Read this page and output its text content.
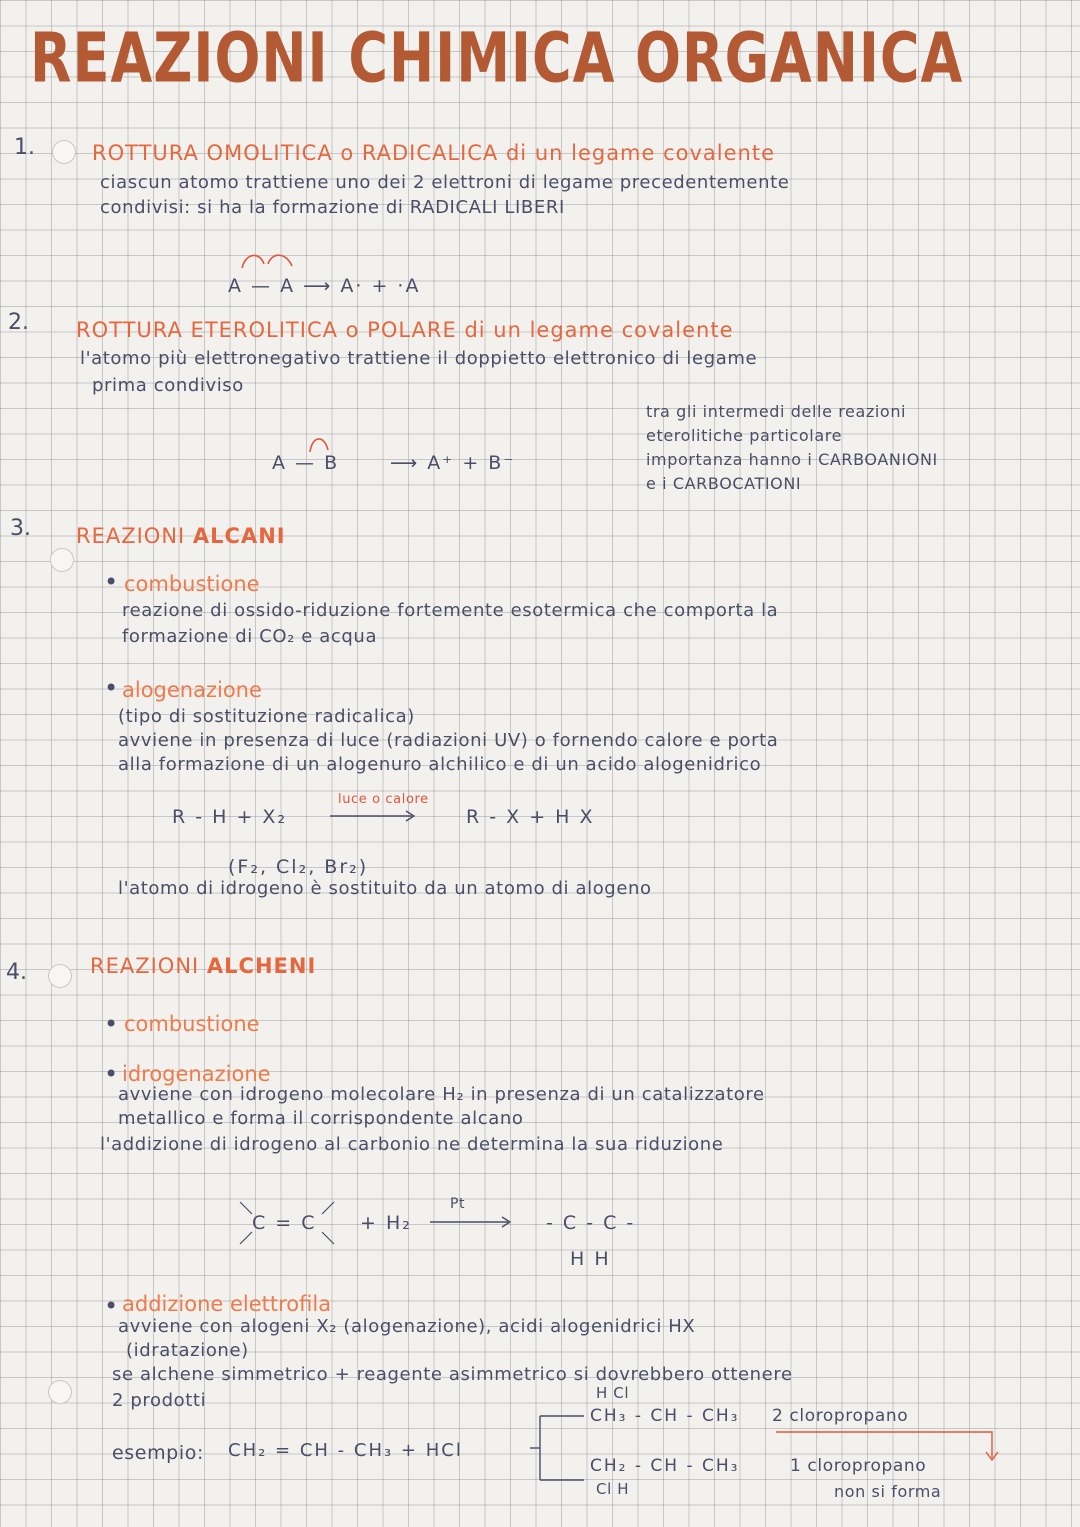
REAZIONI CHIMICA ORGANICA
1.	ROTTURA OMOLITICA o RADICALICA di un legame covalente
ciascun atomo trattiene uno dei 2 elettroni di legame precedentemente
condivisi: si ha la formazione di RADICALI LIBERI
A — A ⟶ A· + ·A
2. ROTTURA ETEROLITICA o POLARE di un legame covalente
l'atomo più elettronegativo trattiene il doppietto elettronico di legame
prima condiviso
A — B	⟶ A⁺ + B⁻
tra gli intermedi delle reazioni
eterolitiche particolare
importanza hanno i CARBOANIONI
e i CARBOCATIONI
3. REAZIONI ALCANI
• combustione
reazione di ossido-riduzione fortemente esotermica che comporta la
formazione di CO₂ e acqua
• alogenazione
(tipo di sostituzione radicalica)
avviene in presenza di luce (radiazioni UV) o fornendo calore e porta
alla formazione di un alogenuro alchilico e di un acido alogenidrico
R - H + X₂
luce o calore
R - X + H X
(F₂, Cl₂, Br₂)
l'atomo di idrogeno è sostituito da un atomo di alogeno
4.	REAZIONI ALCHENI
• combustione
• idrogenazione
avviene con idrogeno molecolare H₂ in presenza di un catalizzatore
metallico e forma il corrispondente alcano
l'addizione di idrogeno al carbonio ne determina la sua riduzione
C = C + H₂
Pt
- C - C -
H H
• addizione elettrofila
avviene con alogeni X₂ (alogenazione), acidi alogenidrici HX
(idratazione)
se alchene simmetrico + reagente asimmetrico si dovrebbero ottenere
2 prodotti
esempio: CH₂ = CH - CH₃ + HCl
H Cl
CH₃ - CH - CH₃ 2 cloropropano
CH₂ - CH - CH₃
Cl H
1 cloropropano
non si forma
